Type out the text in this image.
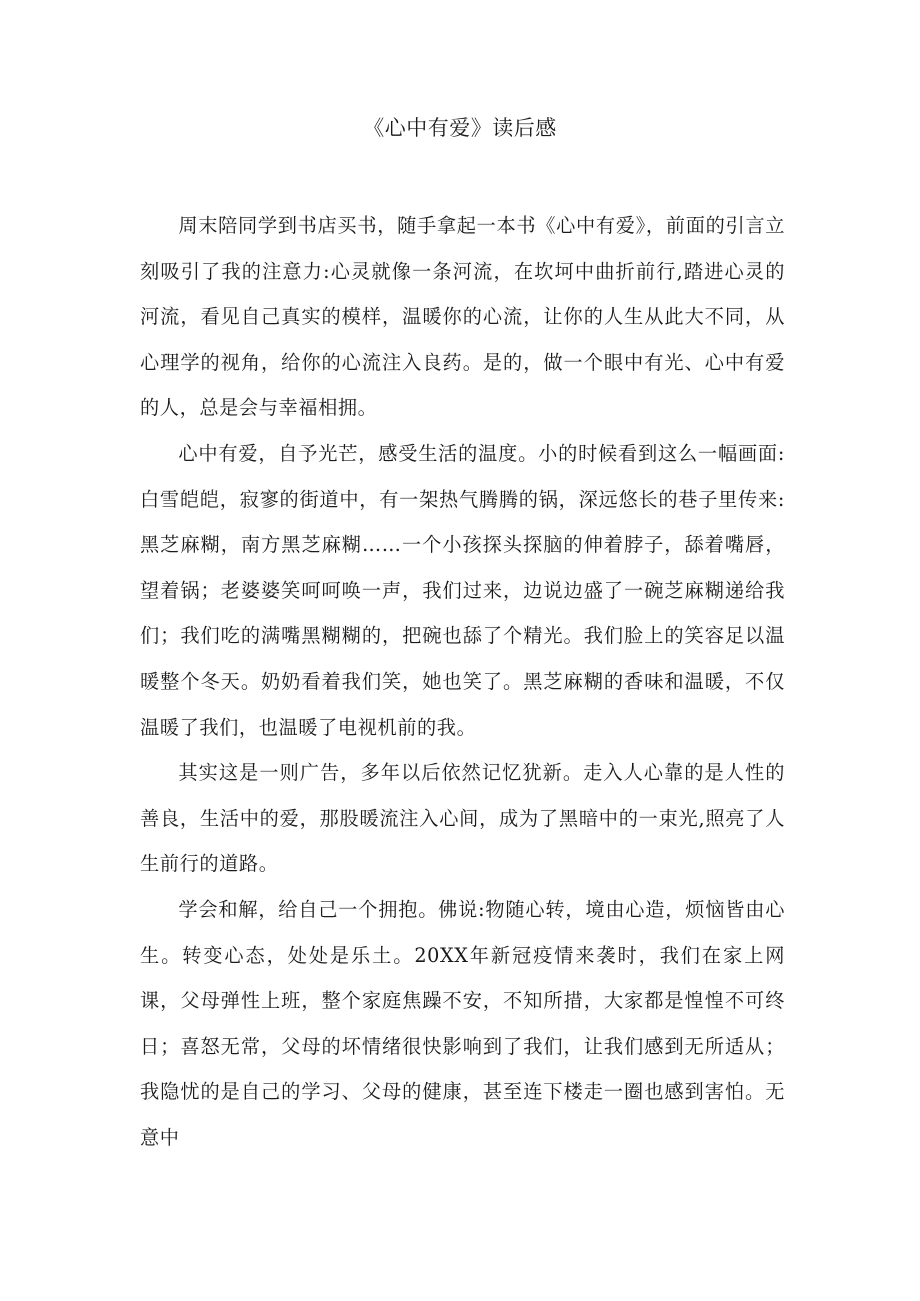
《心中有爱》读后感

周末陪同学到书店买书，随手拿起一本书《心中有爱》，前面的引言立刻吸引了我的注意力:心灵就像一条河流，在坎坷中曲折前行,踏进心灵的河流，看见自己真实的模样，温暖你的心流，让你的人生从此大不同，从心理学的视角，给你的心流注入良药。是的，做一个眼中有光、心中有爱的人，总是会与幸福相拥。

心中有爱，自予光芒，感受生活的温度。小的时候看到这么一幅画面:白雪皑皑，寂寥的街道中，有一架热气腾腾的锅，深远悠长的巷子里传来:黑芝麻糊，南方黑芝麻糊……一个小孩探头探脑的伸着脖子，舔着嘴唇，望着锅；老婆婆笑呵呵唤一声，我们过来，边说边盛了一碗芝麻糊递给我们；我们吃的满嘴黑糊糊的，把碗也舔了个精光。我们脸上的笑容足以温暖整个冬天。奶奶看着我们笑，她也笑了。黑芝麻糊的香味和温暖，不仅温暖了我们，也温暖了电视机前的我。

其实这是一则广告，多年以后依然记忆犹新。走入人心靠的是人性的善良，生活中的爱，那股暖流注入心间，成为了黑暗中的一束光,照亮了人生前行的道路。

学会和解，给自己一个拥抱。佛说:物随心转，境由心造，烦恼皆由心生。转变心态，处处是乐土。20XX年新冠疫情来袭时，我们在家上网课，父母弹性上班，整个家庭焦躁不安，不知所措，大家都是惶惶不可终日；喜怒无常，父母的坏情绪很快影响到了我们，让我们感到无所适从；我隐忧的是自己的学习、父母的健康，甚至连下楼走一圈也感到害怕。无意中
